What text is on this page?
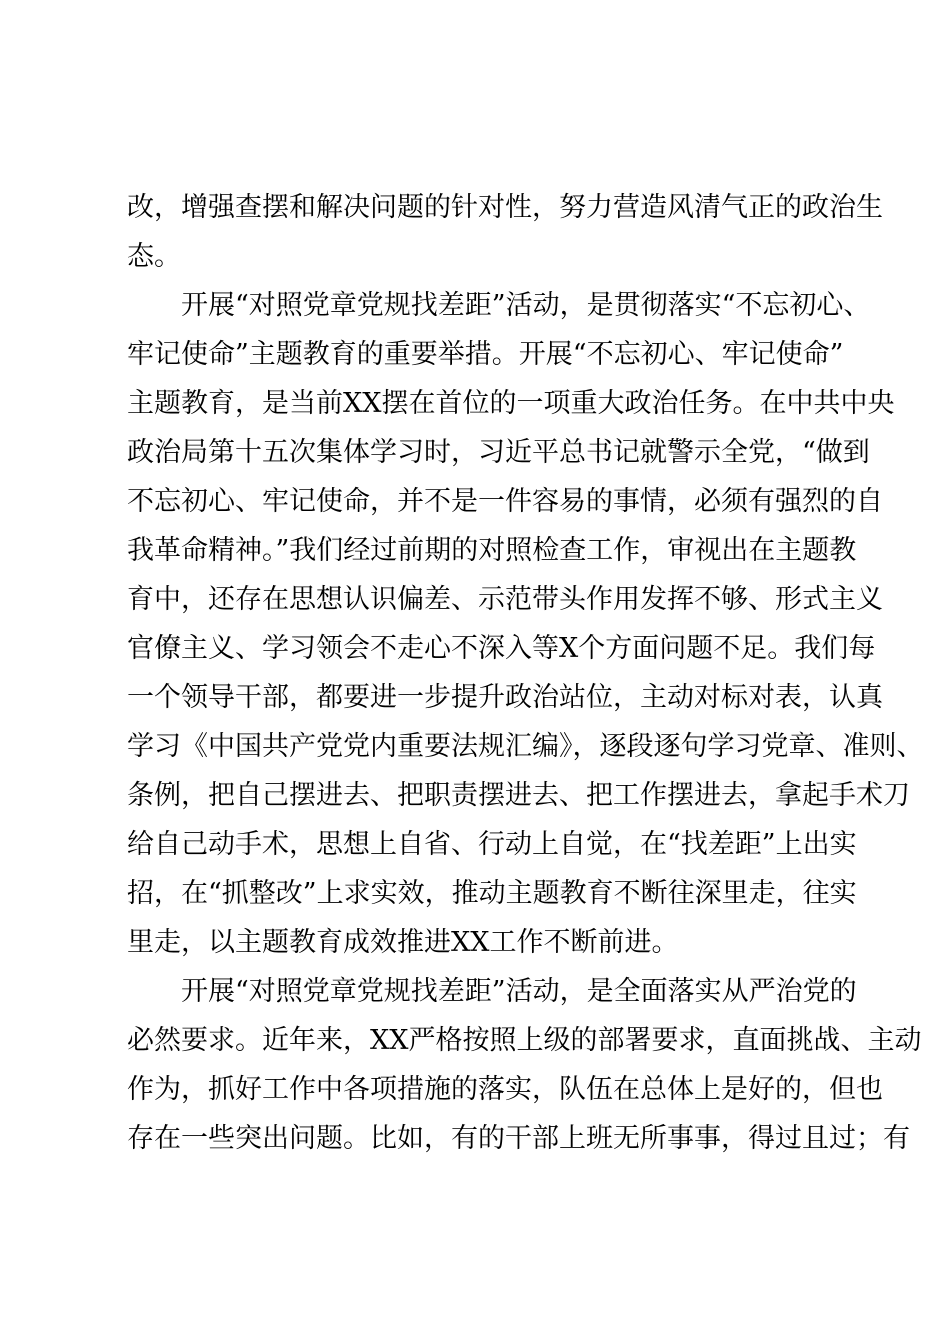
改，增强查摆和解决问题的针对性，努力营造风清气正的政治生
态。
　　开展“对照党章党规找差距”活动，是贯彻落实“不忘初心、
牢记使命”主题教育的重要举措。开展“不忘初心、牢记使命”
主题教育，是当前XX摆在首位的一项重大政治任务。在中共中央
政治局第十五次集体学习时，习近平总书记就警示全党，“做到
不忘初心、牢记使命，并不是一件容易的事情，必须有强烈的自
我革命精神。”我们经过前期的对照检查工作，审视出在主题教
育中，还存在思想认识偏差、示范带头作用发挥不够、形式主义
官僚主义、学习领会不走心不深入等X个方面问题不足。我们每
一个领导干部，都要进一步提升政治站位，主动对标对表，认真
学习《中国共产党党内重要法规汇编》，逐段逐句学习党章、准则、
条例，把自己摆进去、把职责摆进去、把工作摆进去，拿起手术刀
给自己动手术，思想上自省、行动上自觉，在“找差距”上出实
招，在“抓整改”上求实效，推动主题教育不断往深里走，往实
里走，以主题教育成效推进XX工作不断前进。
　　开展“对照党章党规找差距”活动，是全面落实从严治党的
必然要求。近年来，XX严格按照上级的部署要求，直面挑战、主动
作为，抓好工作中各项措施的落实，队伍在总体上是好的，但也
存在一些突出问题。比如，有的干部上班无所事事，得过且过；有
